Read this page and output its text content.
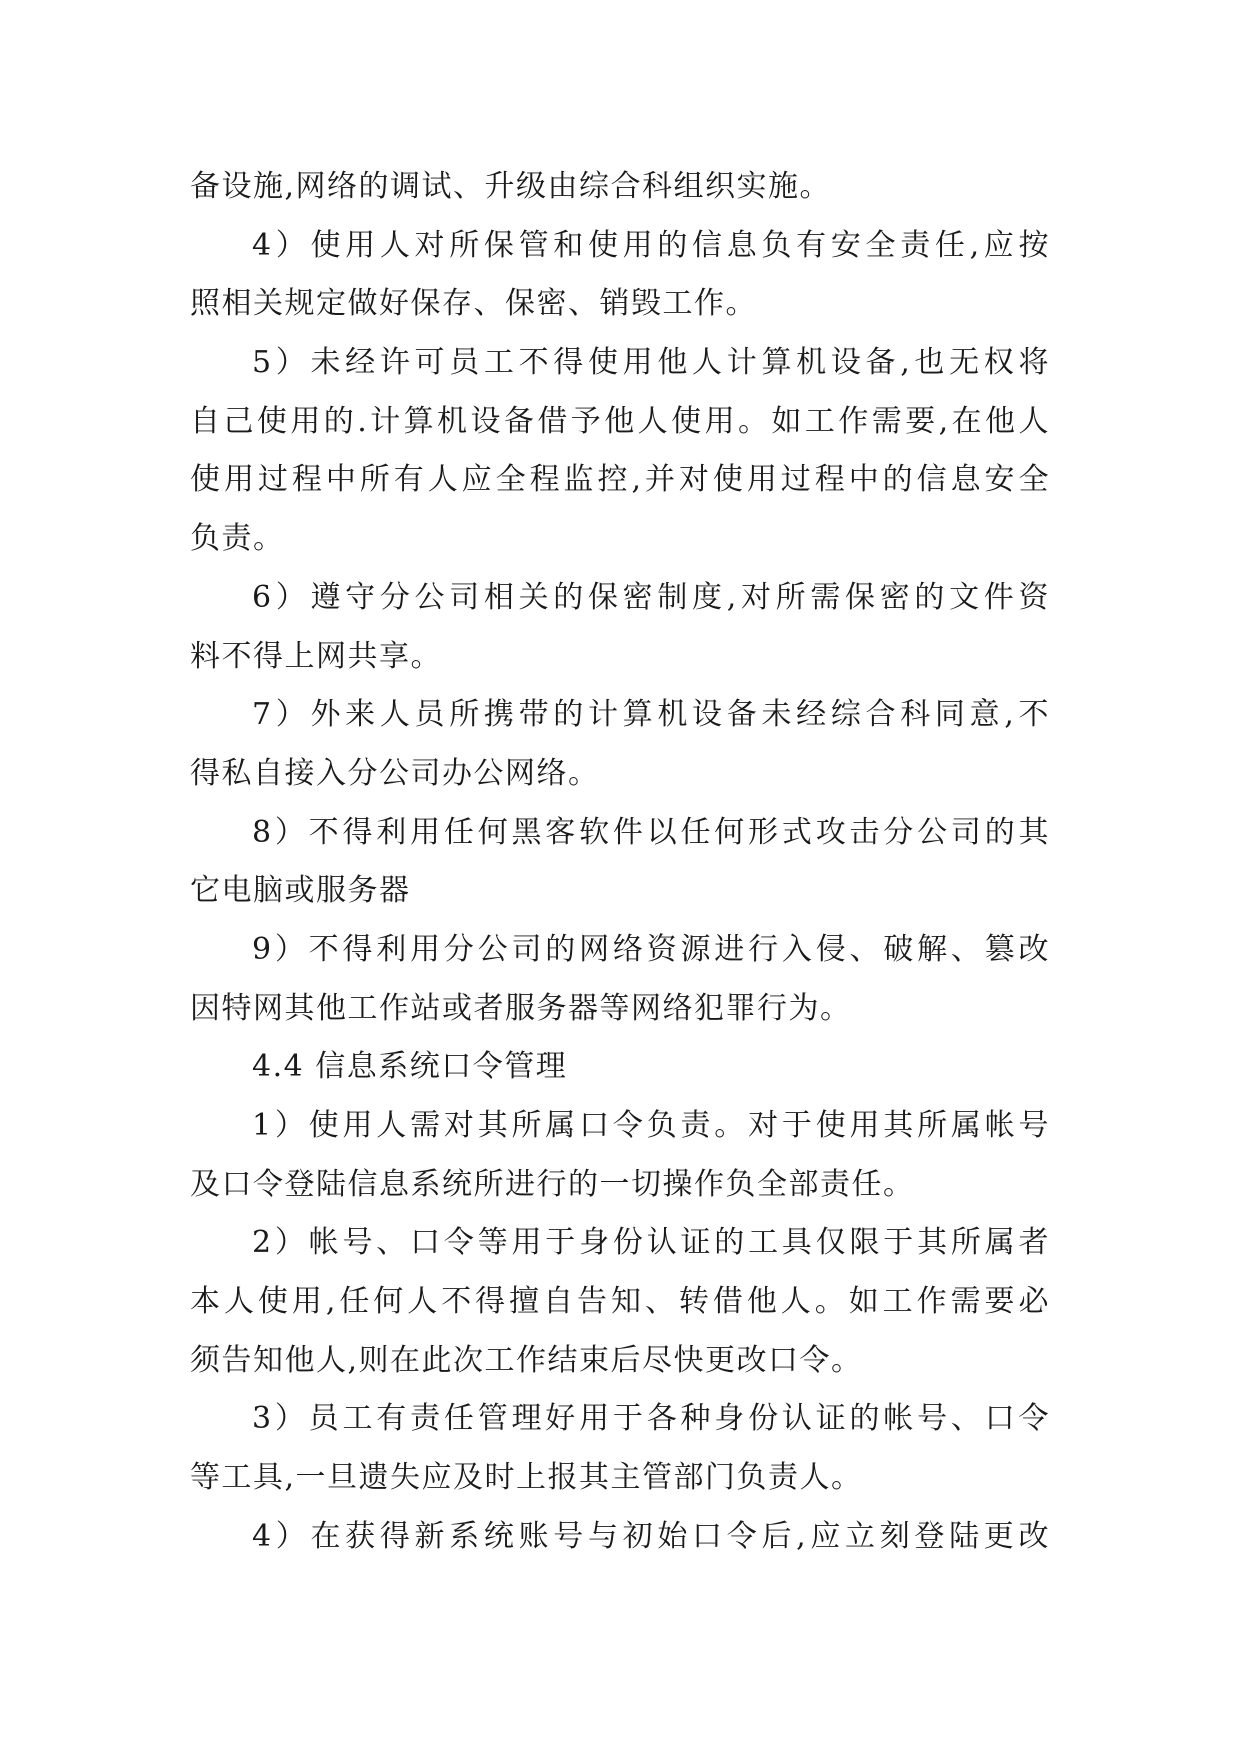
备设施,网络的调试、升级由综合科组织实施。
4）使用人对所保管和使用的信息负有安全责任,应按
照相关规定做好保存、保密、销毁工作。
5）未经许可员工不得使用他人计算机设备,也无权将
自己使用的.计算机设备借予他人使用。如工作需要,在他人
使用过程中所有人应全程监控,并对使用过程中的信息安全
负责。
6）遵守分公司相关的保密制度,对所需保密的文件资
料不得上网共享。
7）外来人员所携带的计算机设备未经综合科同意,不
得私自接入分公司办公网络。
8）不得利用任何黑客软件以任何形式攻击分公司的其
它电脑或服务器
9）不得利用分公司的网络资源进行入侵、破解、篡改
因特网其他工作站或者服务器等网络犯罪行为。
4.4 信息系统口令管理
1）使用人需对其所属口令负责。对于使用其所属帐号
及口令登陆信息系统所进行的一切操作负全部责任。
2）帐号、口令等用于身份认证的工具仅限于其所属者
本人使用,任何人不得擅自告知、转借他人。如工作需要必
须告知他人,则在此次工作结束后尽快更改口令。
3）员工有责任管理好用于各种身份认证的帐号、口令
等工具,一旦遗失应及时上报其主管部门负责人。
4）在获得新系统账号与初始口令后,应立刻登陆更改
